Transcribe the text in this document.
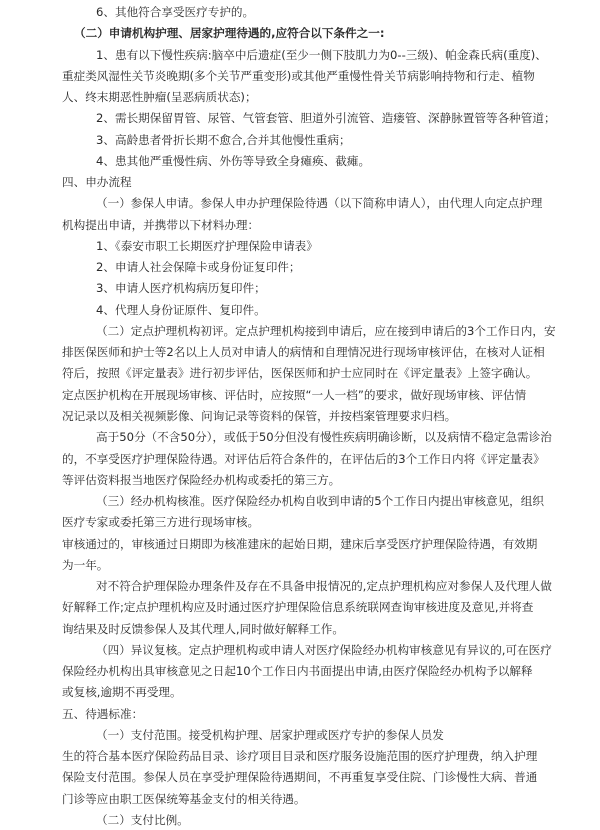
6、其他符合享受医疗专护的。
（二）申请机构护理、居家护理待遇的,应符合以下条件之一:
1、患有以下慢性疾病:脑卒中后遗症(至少一侧下肢肌力为0--三级)、帕金森氏病(重度)、
重症类风湿性关节炎晚期(多个关节严重变形)或其他严重慢性骨关节病影响持物和行走、植物
人、终末期恶性肿瘤(呈恶病质状态)；
2、需长期保留胃管、尿管、气管套管、胆道外引流管、造瘘管、深静脉置管等各种管道；
3、高龄患者骨折长期不愈合,合并其他慢性重病；
4、患其他严重慢性病、外伤等导致全身瘫痪、截瘫。
四、申办流程
（一）参保人申请。参保人申办护理保险待遇（以下简称申请人），由代理人向定点护理
机构提出申请，并携带以下材料办理：
1、《泰安市职工长期医疗护理保险申请表》
2、申请人社会保障卡或身份证复印件；
3、申请人医疗机构病历复印件；
4、代理人身份证原件、复印件。
（二）定点护理机构初评。定点护理机构接到申请后，应在接到申请后的3个工作日内，安
排医保医师和护士等2名以上人员对申请人的病情和自理情况进行现场审核评估，在核对人证相
符后，按照《评定量表》进行初步评估，医保医师和护士应同时在《评定量表》上签字确认。
定点医护机构在开展现场审核、评估时，应按照“一人一档”的要求，做好现场审核、评估情
况记录以及相关视频影像、问询记录等资料的保管，并按档案管理要求归档。
高于50分（不含50分），或低于50分但没有慢性疾病明确诊断，以及病情不稳定急需诊治
的，不享受医疗护理保险待遇。对评估后符合条件的，在评估后的3个工作日内将《评定量表》
等评估资料报当地医疗保险经办机构或委托的第三方。
（三）经办机构核准。医疗保险经办机构自收到申请的5个工作日内提出审核意见，组织
医疗专家或委托第三方进行现场审核。
审核通过的，审核通过日期即为核准建床的起始日期，建床后享受医疗护理保险待遇，有效期
为一年。
对不符合护理保险办理条件及存在不具备申报情况的,定点护理机构应对参保人及代理人做
好解释工作;定点护理机构应及时通过医疗护理保险信息系统联网查询审核进度及意见,并将查
询结果及时反馈参保人及其代理人,同时做好解释工作。
（四）异议复核。定点护理机构或申请人对医疗保险经办机构审核意见有异议的,可在医疗
保险经办机构出具审核意见之日起10个工作日内书面提出申请,由医疗保险经办机构予以解释
或复核,逾期不再受理。
五、待遇标准：
（一）支付范围。接受机构护理、居家护理或医疗专护的参保人员发
生的符合基本医疗保险药品目录、诊疗项目目录和医疗服务设施范围的医疗护理费，纳入护理
保险支付范围。参保人员在享受护理保险待遇期间，不再重复享受住院、门诊慢性大病、普通
门诊等应由职工医保统筹基金支付的相关待遇。
（二）支付比例。
